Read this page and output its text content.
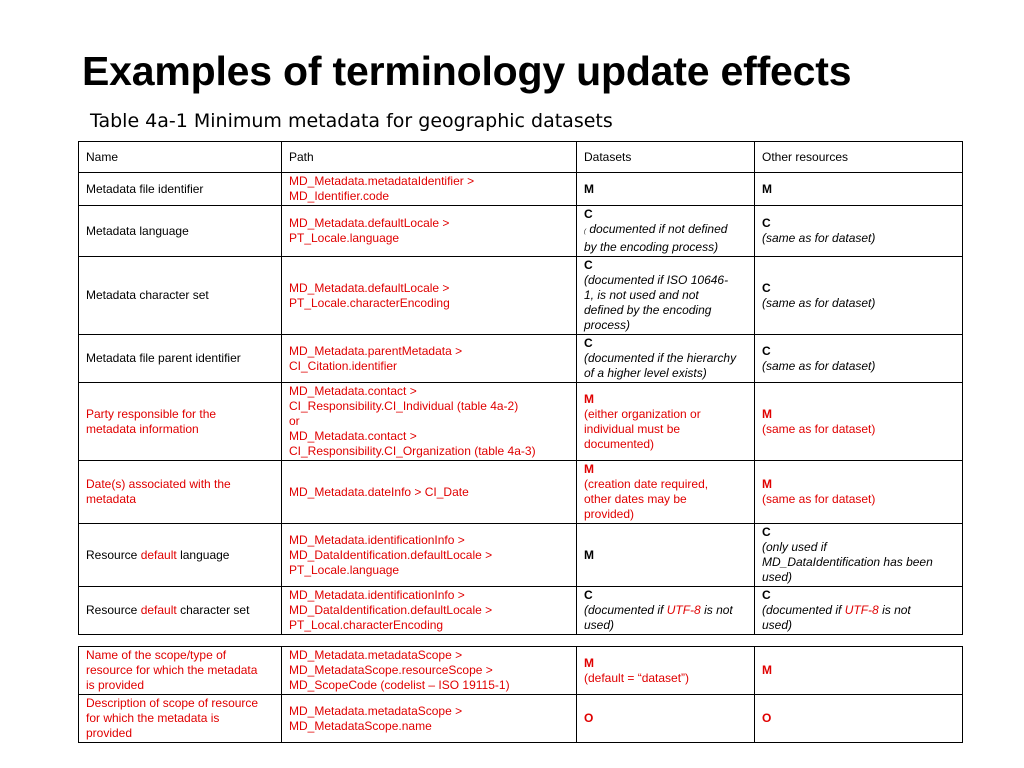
Examples of terminology update effects
Table 4a-1 Minimum metadata for geographic datasets
Name	Path	Datasets	Other resources
Metadata file identifier	MD_Metadata.metadataIdentifier >
MD_Identifier.code	M	M
Metadata language	MD_Metadata.defaultLocale >
PT_Locale.language	C
( documented if not defined
by the encoding process)	C
(same as for dataset)

Metadata character set	MD_Metadata.defaultLocale >
PT_Locale.characterEncoding	C
(documented if ISO 10646-
1, is not used and not
defined by the encoding
process)	C
(same as for dataset)

Metadata file parent identifier	MD_Metadata.parentMetadata >
CI_Citation.identifier	C
(documented if the hierarchy
of a higher level exists)	C
(same as for dataset)

Party responsible for the
metadata information	MD_Metadata.contact >
CI_Responsibility.CI_Individual (table 4a-2)
or
MD_Metadata.contact >
CI_Responsibility.CI_Organization (table 4a-3)	M
(either organization or
individual must be
documented)	M
(same as for dataset)

Date(s) associated with the
metadata	MD_Metadata.dateInfo > CI_Date	M
(creation date required,
other dates may be
provided)	M
(same as for dataset)
Resource default language	MD_Metadata.identificationInfo >
MD_DataIdentification.defaultLocale >
PT_Locale.language	M	C
(only used if
MD_DataIdentification has been
used)

Resource default character set	MD_Metadata.identificationInfo >
MD_DataIdentification.defaultLocale >
PT_Local.characterEncoding	C
(documented if UTF-8 is not
used)	C
(documented if UTF-8 is not
used)
Name of the scope/type of
resource for which the metadata
is provided	MD_Metadata.metadataScope >
MD_MetadataScope.resourceScope >
MD_ScopeCode (codelist – ISO 19115-1)	M
(default = “dataset”)	M

Description of scope of resource
for which the metadata is
provided	MD_Metadata.metadataScope >
MD_MetadataScope.name	O	O
